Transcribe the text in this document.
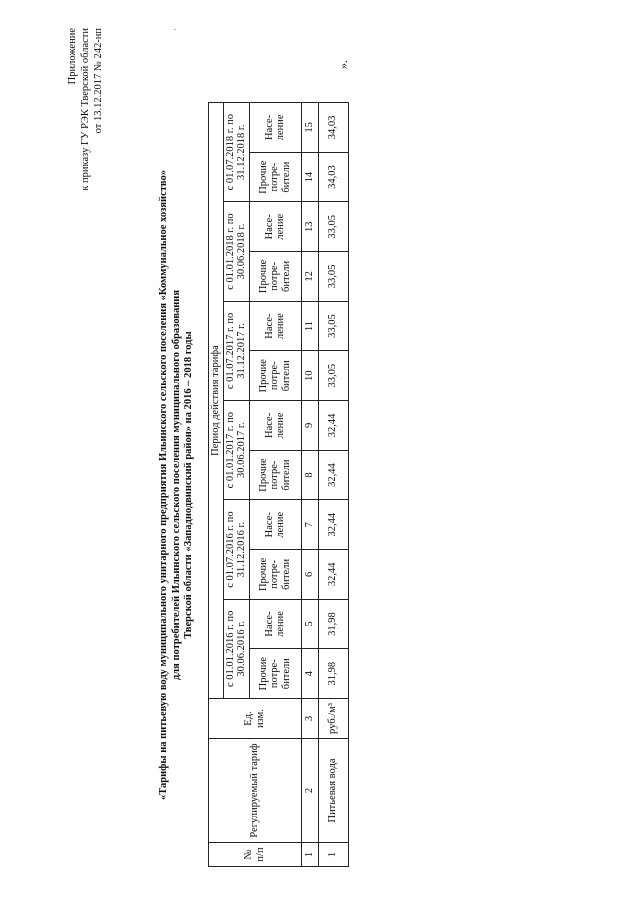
Приложение к приказу ГУ РЭК Тверской области от 13.12.2017 № 242-нп
«Тарифы на питьевую воду муниципального унитарного предприятия Ильинского сельского поселения «Коммунальное хозяйство» для потребителей Ильинского сельского поселения муниципального образования Тверской области «Западнодвинский район» на 2016 – 2018 годы
№ п/п	Регулируемый тариф	Ед. изм.	Период действия тарифа											
			с 01.01.2016 г. по 30.06.2016 г.		с 01.07.2016 г. по 31.12.2016 г.		с 01.01.2017 г. по 30.06.2017 г.		с 01.07.2017 г. по 31.12.2017 г.		с 01.01.2018 г. по 30.06.2018 г.		с 01.07.2018 г. по 31.12.2018 г.	
			Прочие потре-бители	Насе-ление	Прочие потре-бители	Насе-ление	Прочие потре-бители	Насе-ление	Прочие потре-бители	Насе-ление	Прочие потре-бители	Насе-ление	Прочие потре-бители	Насе-ление
1	2	3	4	5	6	7	8	9	10	11	12	13	14	15
1	Питьевая вода	руб./м³	31,98	31,98	32,44	32,44	32,44	32,44	33,05	33,05	33,05	33,05	34,03	34,03
».
·
